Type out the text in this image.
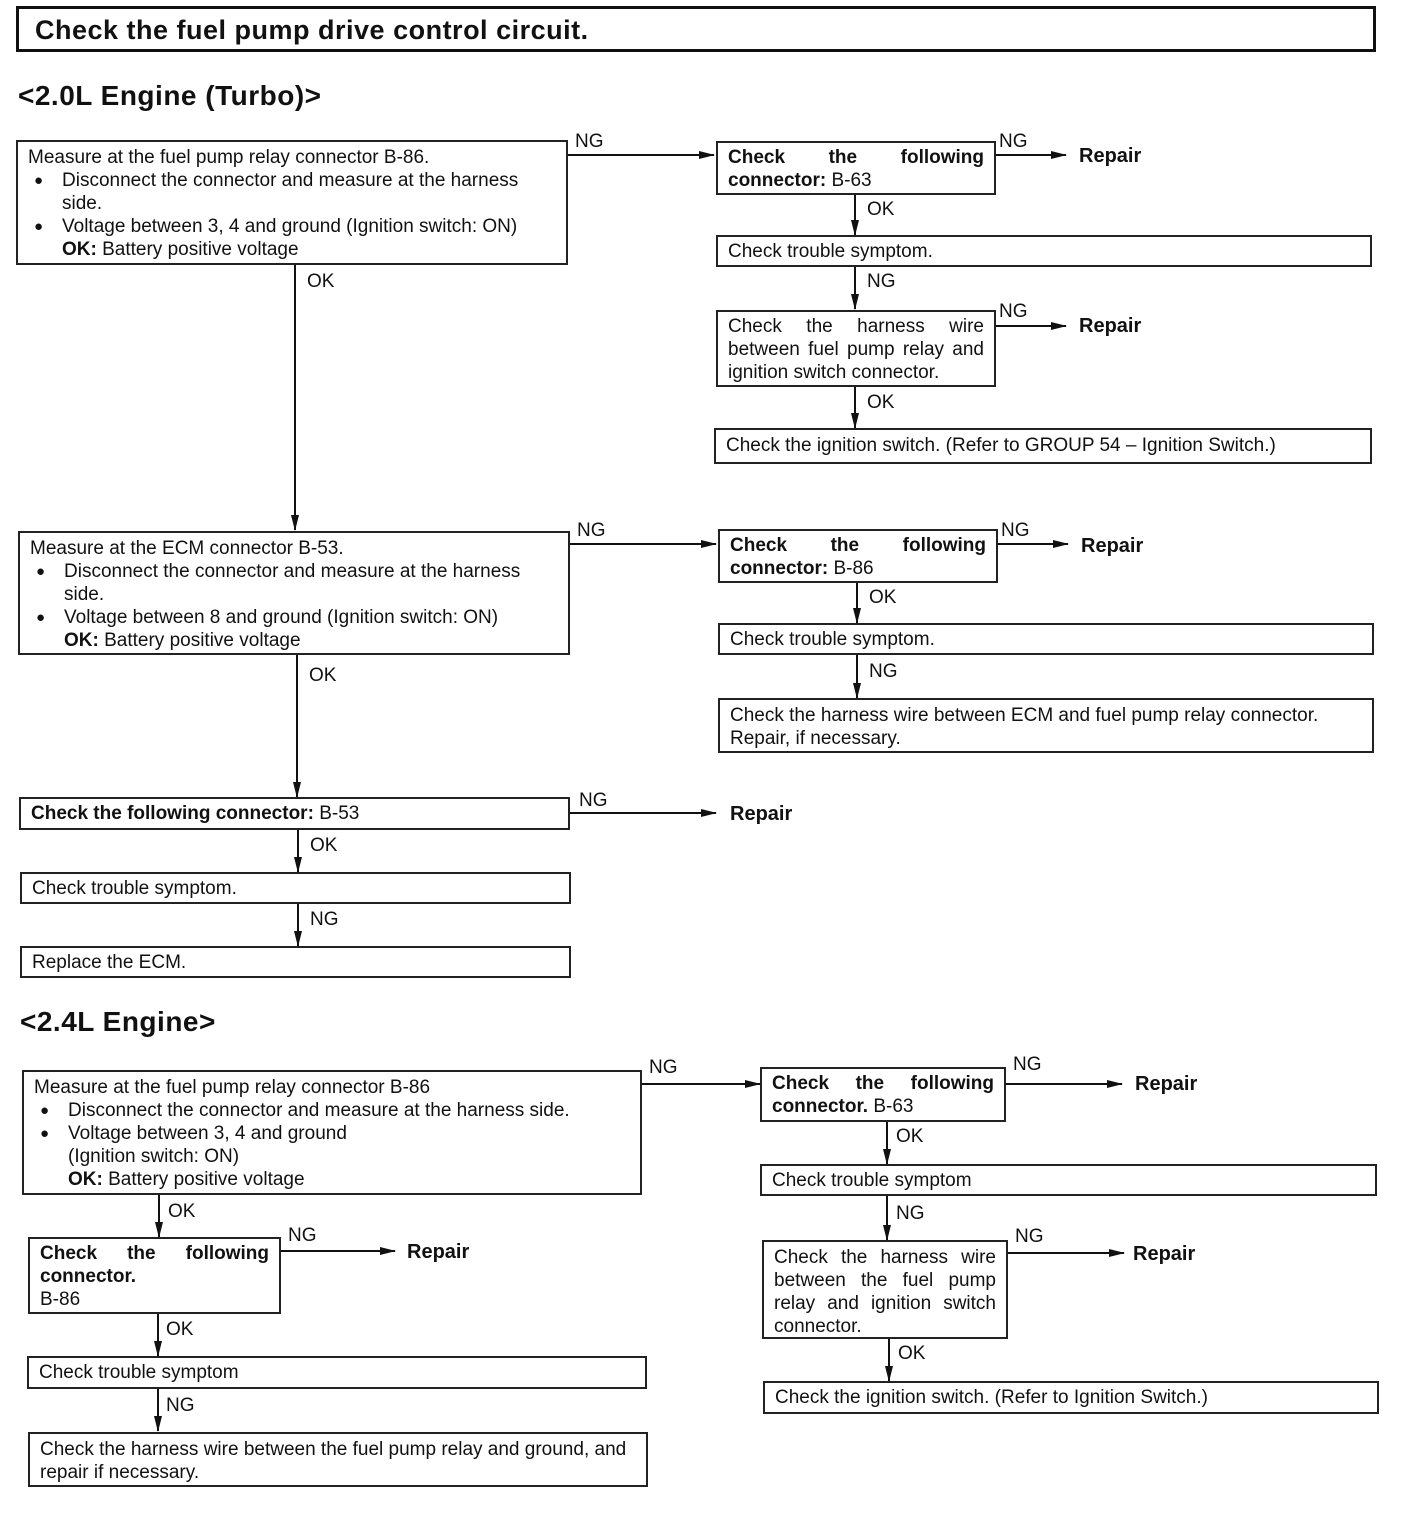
Check the fuel pump drive control circuit.
<2.0L Engine (Turbo)>
Measure at the fuel pump relay connector B-86.
● Disconnect the connector and measure at the harness side.
● Voltage between 3, 4 and ground (Ignition switch: ON)
OK: Battery positive voltage
NG
OK
Check the following connector: B-63
NG
Repair
OK
Check trouble symptom.
NG
Check the harness wire between fuel pump relay and ignition switch connector.
NG
Repair
OK
Check the ignition switch. (Refer to GROUP 54 – Ignition Switch.)
Measure at the ECM connector B-53.
● Disconnect the connector and measure at the harness side.
● Voltage between 8 and ground (Ignition switch: ON)
OK: Battery positive voltage
NG
OK
Check the following connector: B-86
NG
Repair
OK
Check trouble symptom.
NG
Check the harness wire between ECM and fuel pump relay connector. Repair, if necessary.
Check the following connector: B-53
NG
Repair
OK
Check trouble symptom.
NG
Replace the ECM.
<2.4L Engine>
Measure at the fuel pump relay connector B-86
● Disconnect the connector and measure at the harness side.
● Voltage between 3, 4 and ground
(Ignition switch: ON)
OK: Battery positive voltage
NG
OK
Check the following connector.
B-86
NG
Repair
OK
Check trouble symptom
NG
Check the harness wire between the fuel pump relay and ground, and repair if necessary.
Check the following connector. B-63
NG
Repair
OK
Check trouble symptom
NG
Check the harness wire between the fuel pump relay and ignition switch connector.
NG
Repair
OK
Check the ignition switch. (Refer to Ignition Switch.)
